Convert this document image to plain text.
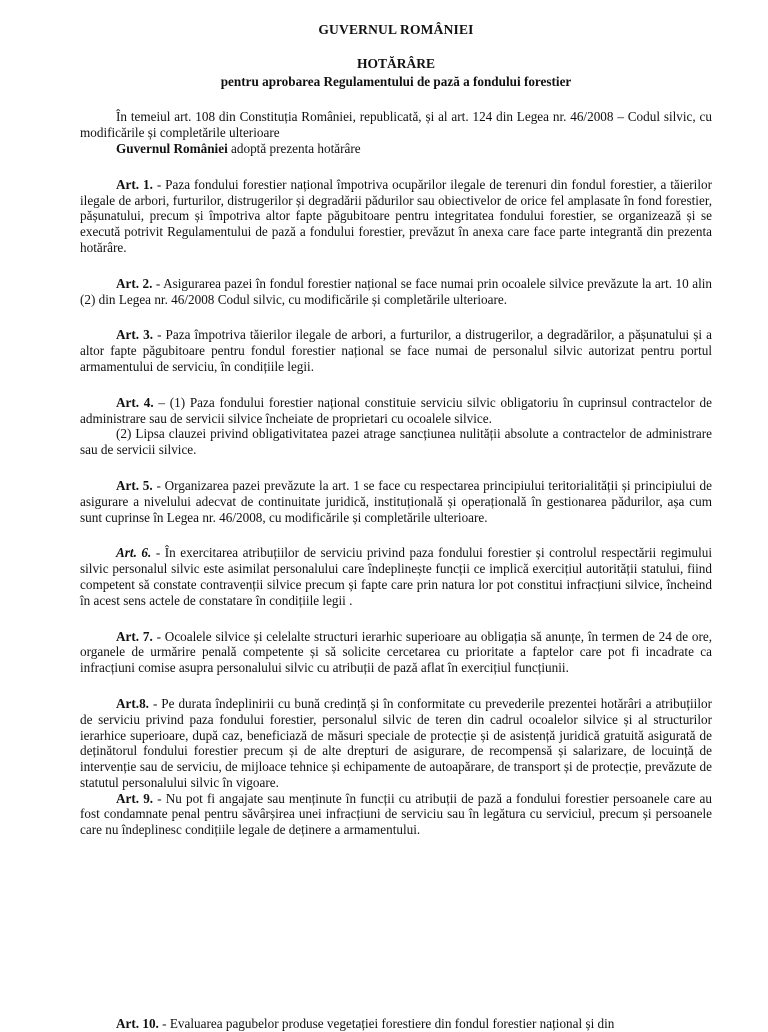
GUVERNUL ROMÂNIEI

HOTĂRÂRE

pentru aprobarea Regulamentului de pază a fondului forestier

În temeiul art. 108 din Constituția României, republicată, și al art. 124 din Legea nr. 46/2008 – Codul silvic, cu modificările și completările ulterioare

Guvernul României adoptă prezenta hotărâre

Art. 1. - Paza fondului forestier național împotriva ocupărilor ilegale de terenuri din fondul forestier, a tăierilor ilegale de arbori, furturilor, distrugerilor și degradării pădurilor sau obiectivelor de orice fel amplasate în fond forestier, pășunatului, precum și împotriva altor fapte păgubitoare pentru integritatea fondului forestier, se organizează și se execută potrivit Regulamentului de pază a fondului forestier, prevăzut în anexa care face parte integrantă din prezenta hotărâre.

Art. 2. - Asigurarea pazei în fondul forestier național se face numai prin ocoalele silvice prevăzute la art. 10 alin (2) din Legea nr. 46/2008 Codul silvic, cu modificările și completările ulterioare.

Art. 3. - Paza împotriva tăierilor ilegale de arbori, a furturilor, a distrugerilor, a degradărilor, a pășunatului și a altor fapte păgubitoare pentru fondul forestier național se face numai de personalul silvic autorizat pentru portul armamentului de serviciu, în condițiile legii.

Art. 4. – (1) Paza fondului forestier național constituie serviciu silvic obligatoriu în cuprinsul contractelor de administrare sau de servicii silvice încheiate de proprietari cu ocoalele silvice.

(2) Lipsa clauzei privind obligativitatea pazei atrage sancțiunea nulității absolute a contractelor de administrare sau de servicii silvice.

Art. 5. - Organizarea pazei prevăzute la art. 1 se face cu respectarea principiului teritorialității și principiului de asigurare a nivelului adecvat de continuitate juridică, instituțională și operațională în gestionarea pădurilor, așa cum sunt cuprinse în Legea nr. 46/2008, cu modificările și completările ulterioare.

Art. 6. - În exercitarea atribuțiilor de serviciu privind paza fondului forestier și controlul respectării regimului silvic personalul silvic este asimilat personalului care îndeplinește funcții ce implică exercițiul autorității statului, fiind competent să constate contravenții silvice precum și fapte care prin natura lor pot constitui infracțiuni silvice, încheind în acest sens actele de constatare în condițiile legii .

Art. 7. - Ocoalele silvice și celelalte structuri ierarhic superioare au obligația să anunțe, în termen de 24 de ore, organele de urmărire penală competente și să solicite cercetarea cu prioritate a faptelor care pot fi incadrate ca infracțiuni comise asupra personalului silvic cu atribuții de pază aflat în exercițiul funcțiunii.

Art.8. - Pe durata îndeplinirii cu bună credință și în conformitate cu prevederile prezentei hotărâri a atribuțiilor de serviciu privind paza fondului forestier, personalul silvic de teren din cadrul ocoalelor silvice și al structurilor ierarhice superioare, după caz, beneficiază de măsuri speciale de protecție și de asistență juridică gratuită asigurată de deținătorul fondului forestier precum și de alte drepturi de asigurare, de recompensă și salarizare, de locuință de intervenție sau de serviciu, de mijloace tehnice și echipamente de autoapărare, de transport și de protecție, prevăzute de statutul personalului silvic în vigoare.

Art. 9. - Nu pot fi angajate sau menținute în funcții cu atribuții de pază a fondului forestier persoanele care au fost condamnate penal pentru săvârșirea unei infracțiuni de serviciu sau în legătura cu serviciul, precum și persoanele care nu îndeplinesc condițiile legale de deținere a armamentului.

Art. 10. - Evaluarea pagubelor produse vegetației forestiere din fondul forestier național și din
